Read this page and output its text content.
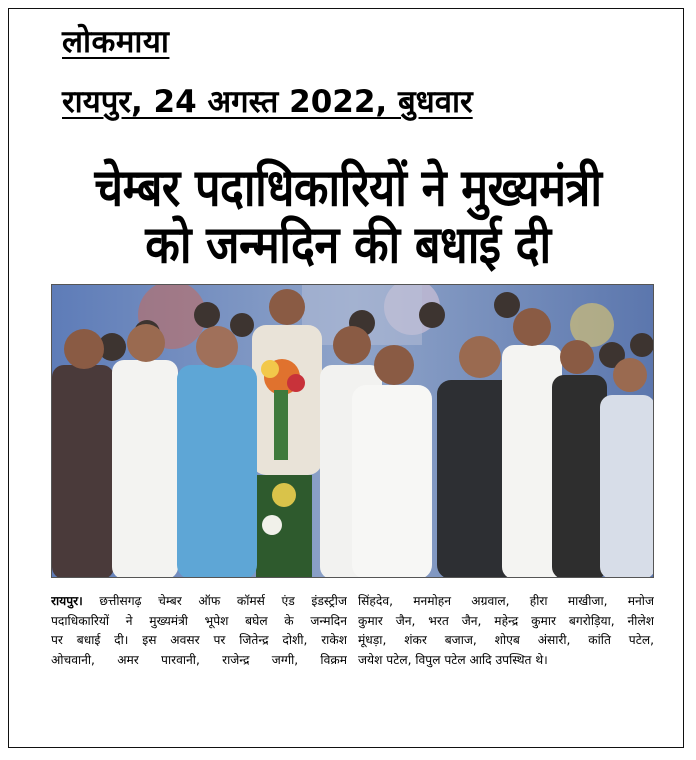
लोकमाया
रायपुर, 24 अगस्त 2022, बुधवार
चेम्बर पदाधिकारियों ने मुख्यमंत्री
को जन्मदिन की बधाई दी
रायपुर। छत्तीसगढ़ चेम्बर ऑफ कॉमर्स एंड इंडस्ट्रीज
पदाधिकारियों ने मुख्यमंत्री भूपेश बघेल के जन्मदिन
पर बधाई दी। इस अवसर पर जितेन्द्र दोशी, राकेश
ओचवानी, अमर पारवानी, राजेन्द्र जग्गी, विक्रम
सिंहदेव, मनमोहन अग्रवाल, हीरा माखीजा, मनोज
कुमार जैन, भरत जैन, महेन्द्र कुमार बगरोड़िया, नीलेश
मूंधड़ा, शंकर बजाज, शोएब अंसारी, कांति पटेल,
जयेश पटेल, विपुल पटेल आदि उपस्थित थे।
